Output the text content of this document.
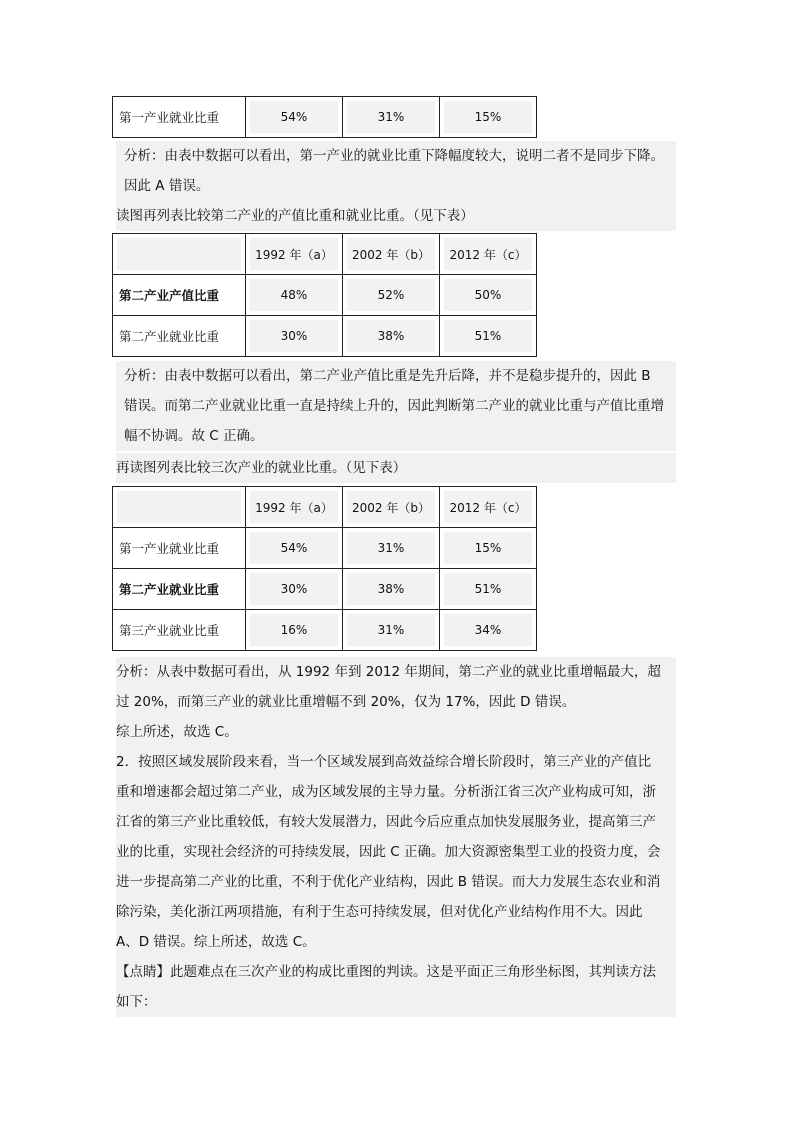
第一产业就业比重	54%	31%	15%
分析：由表中数据可以看出，第一产业的就业比重下降幅度较大，说明二者不是同步下降。
因此 A 错误。
读图再列表比较第二产业的产值比重和就业比重。（见下表）

1992 年（a）	2002 年（b）	2012 年（c）

第二产业产值比重	48%	52%	50%

第二产业就业比重	30%	38%	51%
分析：由表中数据可以看出，第二产业产值比重是先升后降，并不是稳步提升的，因此 B
错误。而第二产业就业比重一直是持续上升的，因此判断第二产业的就业比重与产值比重增
幅不协调。故 C 正确。
再读图列表比较三次产业的就业比重。（见下表）

1992 年（a）	2002 年（b）	2012 年（c）

第一产业就业比重	54%	31%	15%

第二产业就业比重	30%	38%	51%

第三产业就业比重	16%	31%	34%
分析：从表中数据可看出，从 1992 年到 2012 年期间，第二产业的就业比重增幅最大，超
过 20%，而第三产业的就业比重增幅不到 20%，仅为 17%，因此 D 错误。
综上所述，故选 C。
2．按照区域发展阶段来看，当一个区域发展到高效益综合增长阶段时，第三产业的产值比
重和增速都会超过第二产业，成为区域发展的主导力量。分析浙江省三次产业构成可知，浙
江省的第三产业比重较低，有较大发展潜力，因此今后应重点加快发展服务业，提高第三产
业的比重，实现社会经济的可持续发展，因此 C 正确。加大资源密集型工业的投资力度，会
进一步提高第二产业的比重，不利于优化产业结构，因此 B 错误。而大力发展生态农业和消
除污染，美化浙江两项措施，有利于生态可持续发展，但对优化产业结构作用不大。因此
A、D 错误。综上所述，故选 C。
【点睛】此题难点在三次产业的构成比重图的判读。这是平面正三角形坐标图，其判读方法
如下：
